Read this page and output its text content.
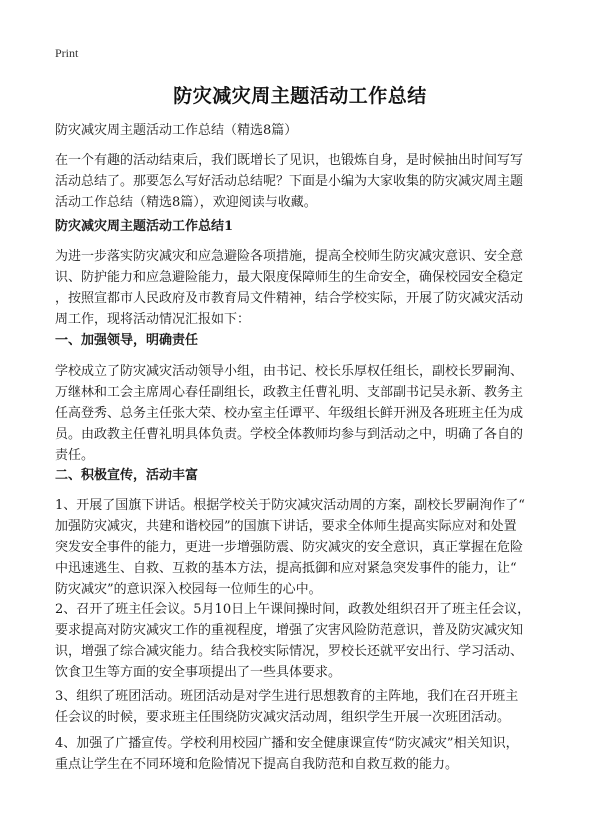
Print
防灾减灾周主题活动工作总结
防灾减灾周主题活动工作总结（精选8篇）
在一个有趣的活动结束后，我们既增长了见识，也锻炼自身，是时候抽出时间写写
活动总结了。那要怎么写好活动总结呢？下面是小编为大家收集的防灾减灾周主题
活动工作总结（精选8篇），欢迎阅读与收藏。
防灾减灾周主题活动工作总结1
为进一步落实防灾减灾和应急避险各项措施，提高全校师生防灾减灾意识、安全意
识、防护能力和应急避险能力，最大限度保障师生的生命安全，确保校园安全稳定
，按照宣都市人民政府及市教育局文件精神，结合学校实际，开展了防灾减灾活动
周工作，现将活动情况汇报如下：
一、加强领导，明确责任
学校成立了防灾减灾活动领导小组，由书记、校长乐厚权任组长，副校长罗嗣洵、
万继林和工会主席周心春任副组长，政教主任曹礼明、支部副书记吴永新、教务主
任高登秀、总务主任张大荣、校办室主任谭平、年级组长鲜开洲及各班班主任为成
员。由政教主任曹礼明具体负责。学校全体教师均参与到活动之中，明确了各自的
责任。
二、积极宣传，活动丰富
1、开展了国旗下讲话。根据学校关于防灾减灾活动周的方案，副校长罗嗣洵作了“
加强防灾减灾，共建和谐校园”的国旗下讲话，要求全体师生提高实际应对和处置
突发安全事件的能力，更进一步增强防震、防灾减灾的安全意识，真正掌握在危险
中迅速逃生、自救、互救的基本方法，提高抵御和应对紧急突发事件的能力，让“
防灾减灾”的意识深入校园每一位师生的心中。
2、召开了班主任会议。5月10日上午课间操时间，政教处组织召开了班主任会议，
要求提高对防灾减灾工作的重视程度，增强了灾害风险防范意识，普及防灾减灾知
识，增强了综合减灾能力。结合我校实际情况，罗校长还就平安出行、学习活动、
饮食卫生等方面的安全事项提出了一些具体要求。
3、组织了班团活动。班团活动是对学生进行思想教育的主阵地，我们在召开班主
任会议的时候，要求班主任围绕防灾减灾活动周，组织学生开展一次班团活动。
4、加强了广播宣传。学校利用校园广播和安全健康课宣传“防灾减灾”相关知识，
重点让学生在不同环境和危险情况下提高自我防范和自救互救的能力。
